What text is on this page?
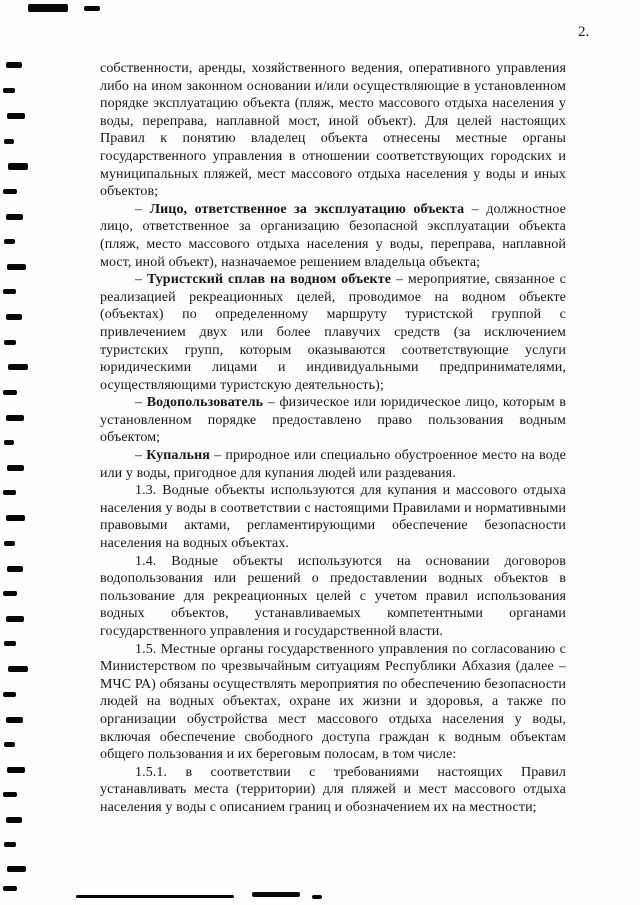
2.

собственности, аренды, хозяйственного ведения, оперативного управления либо на ином законном основании и/или осуществляющие в установленном порядке эксплуатацию объекта (пляж, место массового отдыха населения у воды, переправа, наплавной мост, иной объект). Для целей настоящих Правил к понятию владелец объекта отнесены местные органы государственного управления в отношении соответствующих городских и муниципальных пляжей, мест массового отдыха населения у воды и иных объектов;

– Лицо, ответственное за эксплуатацию объекта – должностное лицо, ответственное за организацию безопасной эксплуатации объекта (пляж, место массового отдыха населения у воды, переправа, наплавной мост, иной объект), назначаемое решением владельца объекта;

– Туристский сплав на водном объекте – мероприятие, связанное с реализацией рекреационных целей, проводимое на водном объекте (объектах) по определенному маршруту туристской группой с привлечением двух или более плавучих средств (за исключением туристских групп, которым оказываются соответствующие услуги юридическими лицами и индивидуальными предпринимателями, осуществляющими туристскую деятельность);

– Водопользователь – физическое или юридическое лицо, которым в установленном порядке предоставлено право пользования водным объектом;

– Купальня – природное или специально обустроенное место на воде или у воды, пригодное для купания людей или раздевания.

1.3. Водные объекты используются для купания и массового отдыха населения у воды в соответствии с настоящими Правилами и нормативными правовыми актами, регламентирующими обеспечение безопасности населения на водных объектах.

1.4. Водные объекты используются на основании договоров водопользования или решений о предоставлении водных объектов в пользование для рекреационных целей с учетом правил использования водных объектов, устанавливаемых компетентными органами государственного управления и государственной власти.

1.5. Местные органы государственного управления по согласованию с Министерством по чрезвычайным ситуациям Республики Абхазия (далее – МЧС РА) обязаны осуществлять мероприятия по обеспечению безопасности людей на водных объектах, охране их жизни и здоровья, а также по организации обустройства мест массового отдыха населения у воды, включая обеспечение свободного доступа граждан к водным объектам общего пользования и их береговым полосам, в том числе:

1.5.1. в соответствии с требованиями настоящих Правил устанавливать места (территории) для пляжей и мест массового отдыха населения у воды с описанием границ и обозначением их на местности;
